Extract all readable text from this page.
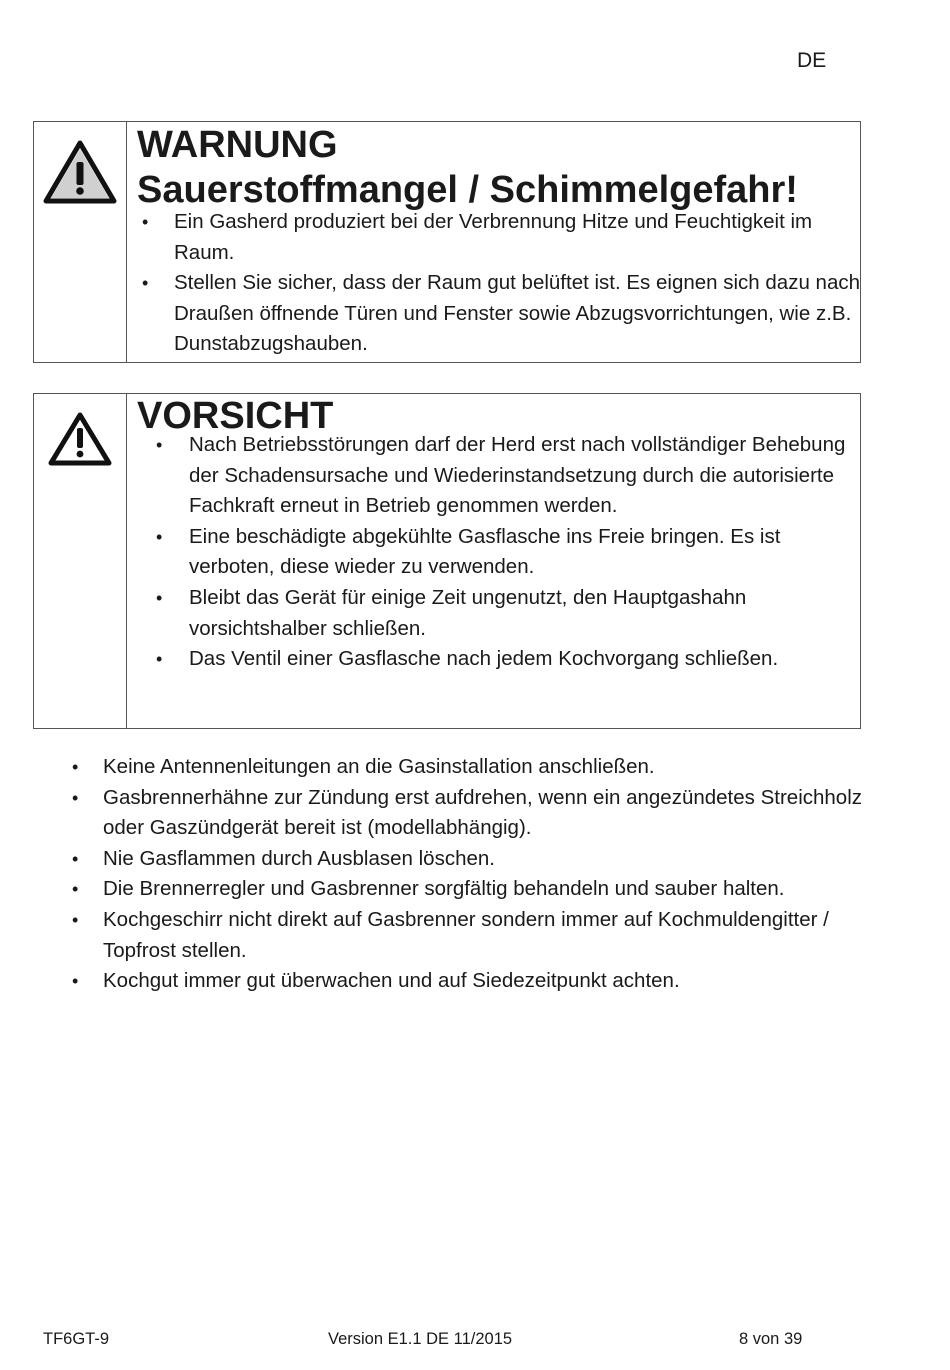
DE

WARNUNG

Sauerstoffmangel / Schimmelgefahr!

• Ein Gasherd produziert bei der Verbrennung Hitze und Feuchtigkeit im Raum.
• Stellen Sie sicher, dass der Raum gut belüftet ist. Es eignen sich dazu nach Draußen öffnende Türen und Fenster sowie Abzugsvorrichtungen, wie z.B. Dunstabzugshauben.

VORSICHT

• Nach Betriebsstörungen darf der Herd erst nach vollständiger Behebung der Schadensursache und Wiederinstandsetzung durch die autorisierte Fachkraft erneut in Betrieb genommen werden.
• Eine beschädigte abgekühlte Gasflasche ins Freie bringen. Es ist verboten, diese wieder zu verwenden.
• Bleibt das Gerät für einige Zeit ungenutzt, den Hauptgashahn vorsichtshalber schließen.
• Das Ventil einer Gasflasche nach jedem Kochvorgang schließen.
• Keine Antennenleitungen an die Gasinstallation anschließen.
• Gasbrennerhähne zur Zündung erst aufdrehen, wenn ein angezündetes Streichholz oder Gaszündgerät bereit ist (modellabhängig).
• Nie Gasflammen durch Ausblasen löschen.
• Die Brennerregler und Gasbrenner sorgfältig behandeln und sauber halten.
• Kochgeschirr nicht direkt auf Gasbrenner sondern immer auf Kochmuldengitter / Topfrost stellen.
• Kochgut immer gut überwachen und auf Siedezeitpunkt achten.
TF6GT-9	Version E1.1 DE 11/2015	8 von 39
